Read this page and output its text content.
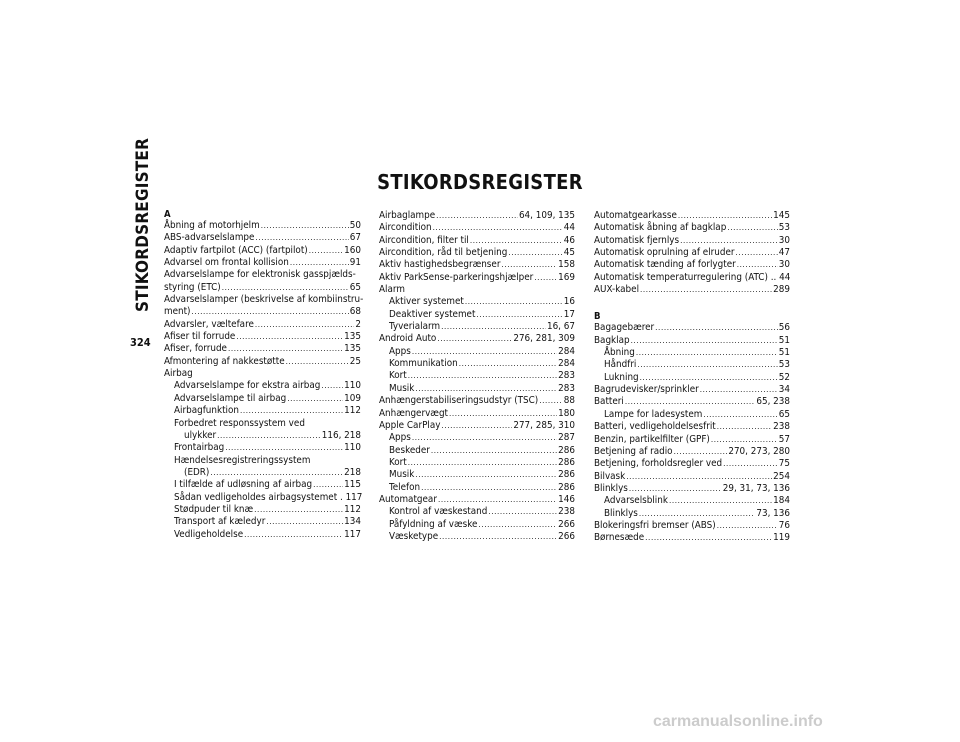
STIKORDSREGISTER
324
STIKORDSREGISTER
A
Åbning af motorhjelm .....	50
ABS-advarselslampe .....	67
Adaptiv fartpilot (ACC) (fartpilot) .....	160
Advarsel om frontal kollision .....	91
Advarselslampe for elektronisk gasspjælds-
styring (ETC) .....	65
Advarselslamper (beskrivelse af kombiinstru-
ment) .....	68
Advarsler, væltefare .....	2
Afiser til forrude .....	135
Afiser, forrude .....	135
Afmontering af nakkestøtte .....	25
Airbag
Advarselslampe for ekstra airbag ..... 110
Advarselslampe til airbag .....	109
Airbagfunktion .....	112
Forbedret responssystem ved
ulykker .....	116, 218
Frontairbag .....	110
Hændelsesregistreringssystem
(EDR) .....	218
I tilfælde af udløsning af airbag .....	115
Sådan vedligeholdes airbagsystemet . 117
Stødpuder til knæ .....	112
Transport af kæledyr .....	134
Vedligeholdelse .....	117
Airbaglampe .....	64, 109, 135
Aircondition .....	44
Aircondition, filter til .....	46
Aircondition, råd til betjening .....	45
Aktiv hastighedsbegrænser .....	158
Aktiv ParkSense-parkeringshjælper .....	169
Alarm
Aktiver systemet .....	16
Deaktiver systemet .....	17
Tyverialarm .....	16, 67
Android Auto .....	276, 281, 309
Apps .....	284
Kommunikation .....	284
Kort .....	283
Musik .....	283
Anhængerstabiliseringsudstyr (TSC) .....	88
Anhængervægt .....	180
Apple CarPlay .....	277, 285, 310
Apps .....	287
Beskeder .....	286
Kort .....	286
Musik .....	286
Telefon .....	286
Automatgear .....	146
Kontrol af væskestand .....	238
Påfyldning af væske .....	266
Væsketype .....	266
Automatgearkasse .....	145
Automatisk åbning af bagklap .....	53
Automatisk fjernlys .....	30
Automatisk oprulning af elruder .....	47
Automatisk tænding af forlygter .....	30
Automatisk temperaturregulering (ATC) .. 44
AUX-kabel .....	289
B
Bagagebærer .....	56
Bagklap .....	51
Åbning .....	51
Håndfri .....	53
Lukning .....	52
Bagrudevisker/sprinkler .....	34
Batteri .....	65, 238
Lampe for ladesystem .....	65
Batteri, vedligeholdelsesfrit .....	238
Benzin, partikelfilter (GPF) .....	57
Betjening af radio .....	270, 273, 280
Betjening, forholdsregler ved .....	75
Bilvask .....	254
Blinklys .....	29, 31, 73, 136
Advarselsblink .....	184
Blinklys .....	73, 136
Blokeringsfri bremser (ABS) .....	76
Børnesæde .....	119
carmanualsonline.info
